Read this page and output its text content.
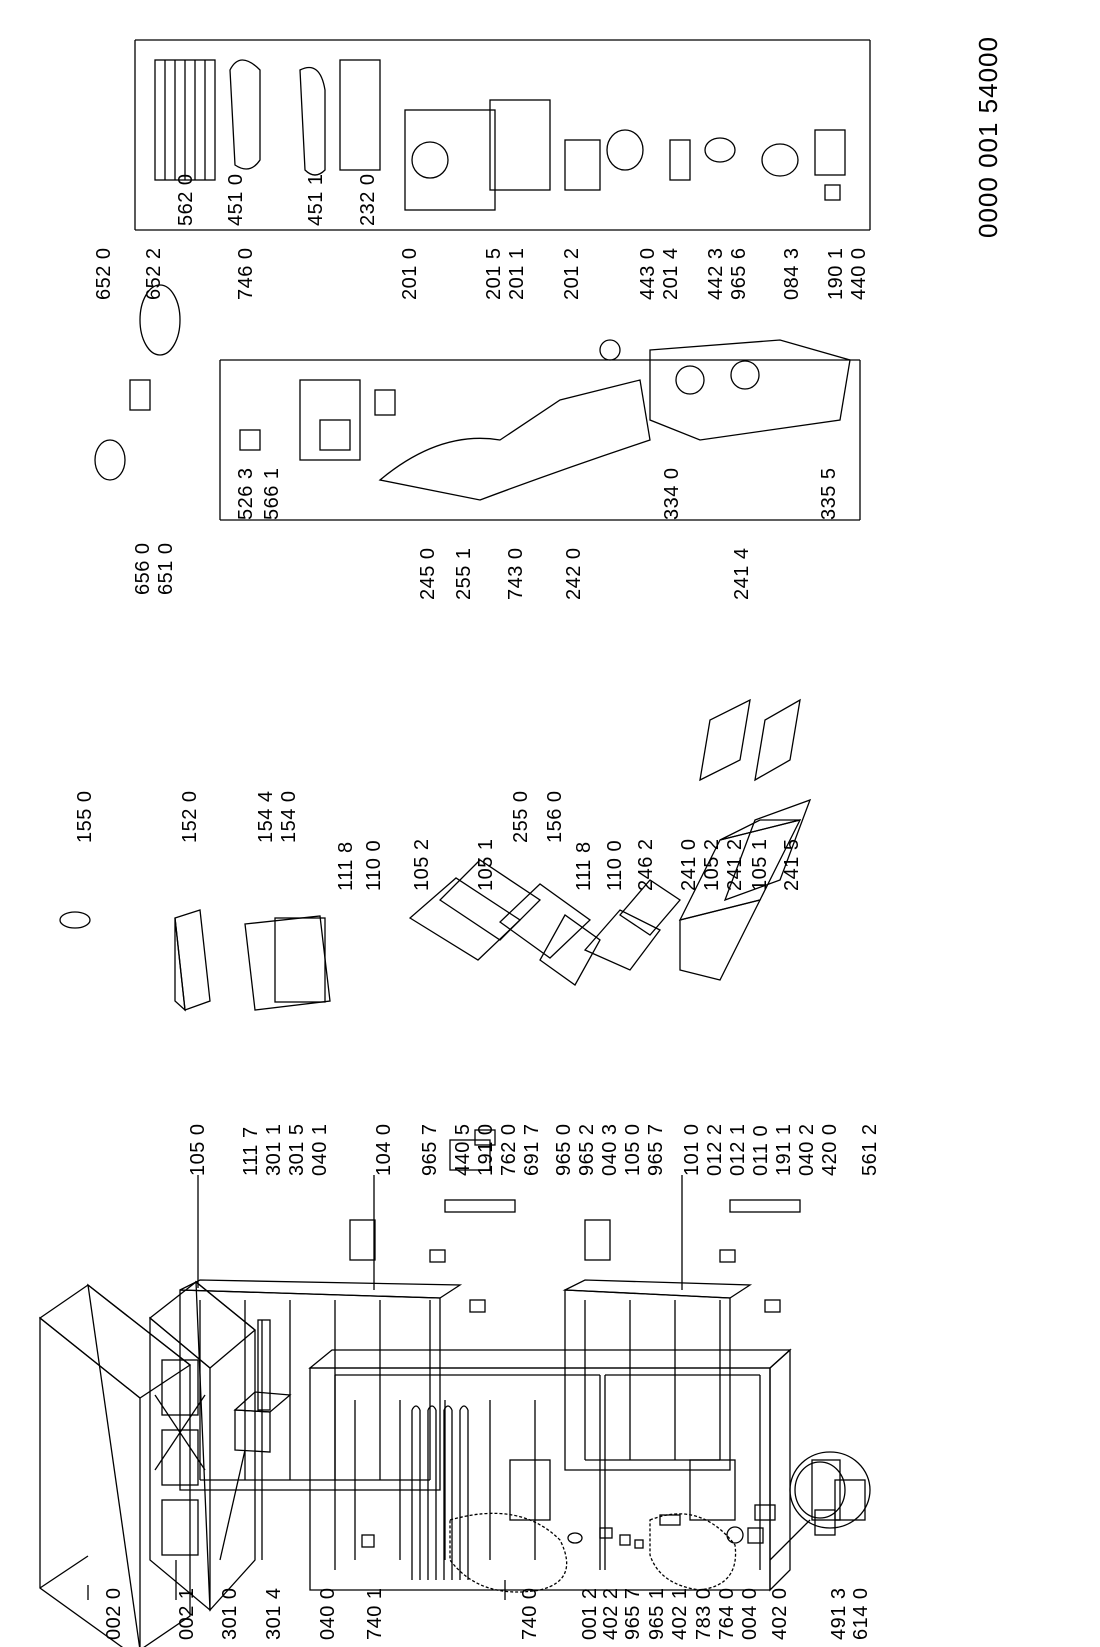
0000 001 54000
002 0	002 1 301 0 301 4 040 0 740 1	740 0 001 2 402 2 965 7 965 1 402 1 783 0 764 0 004 0 402 0 491 3 614 0
105 0 111 7 301 1 301 5 040 1 104 0 965 7 440 5 191 0 762 0 691 7 965 0 965 2 040 3 105 0 965 7 101 0 012 2 012 1 011 0 191 1 040 2 420 0 561 2
155 0	152 0	154 4 154 0
111 8 110 0 105 2 105 1
255 0 156 0
111 8 110 0 246 2 241 0 105 2 241 2 105 1 241 5
245 0 255 1 743 0 242 0	241 4
656 0 651 0
652 0 652 2	746 0	201 0	201 5 201 1 201 2	443 0 201 4 442 3 965 6 084 3 190 1 440 0
562 0 451 0	451 1 232 0
526 3 566 1	334 0	335 5
